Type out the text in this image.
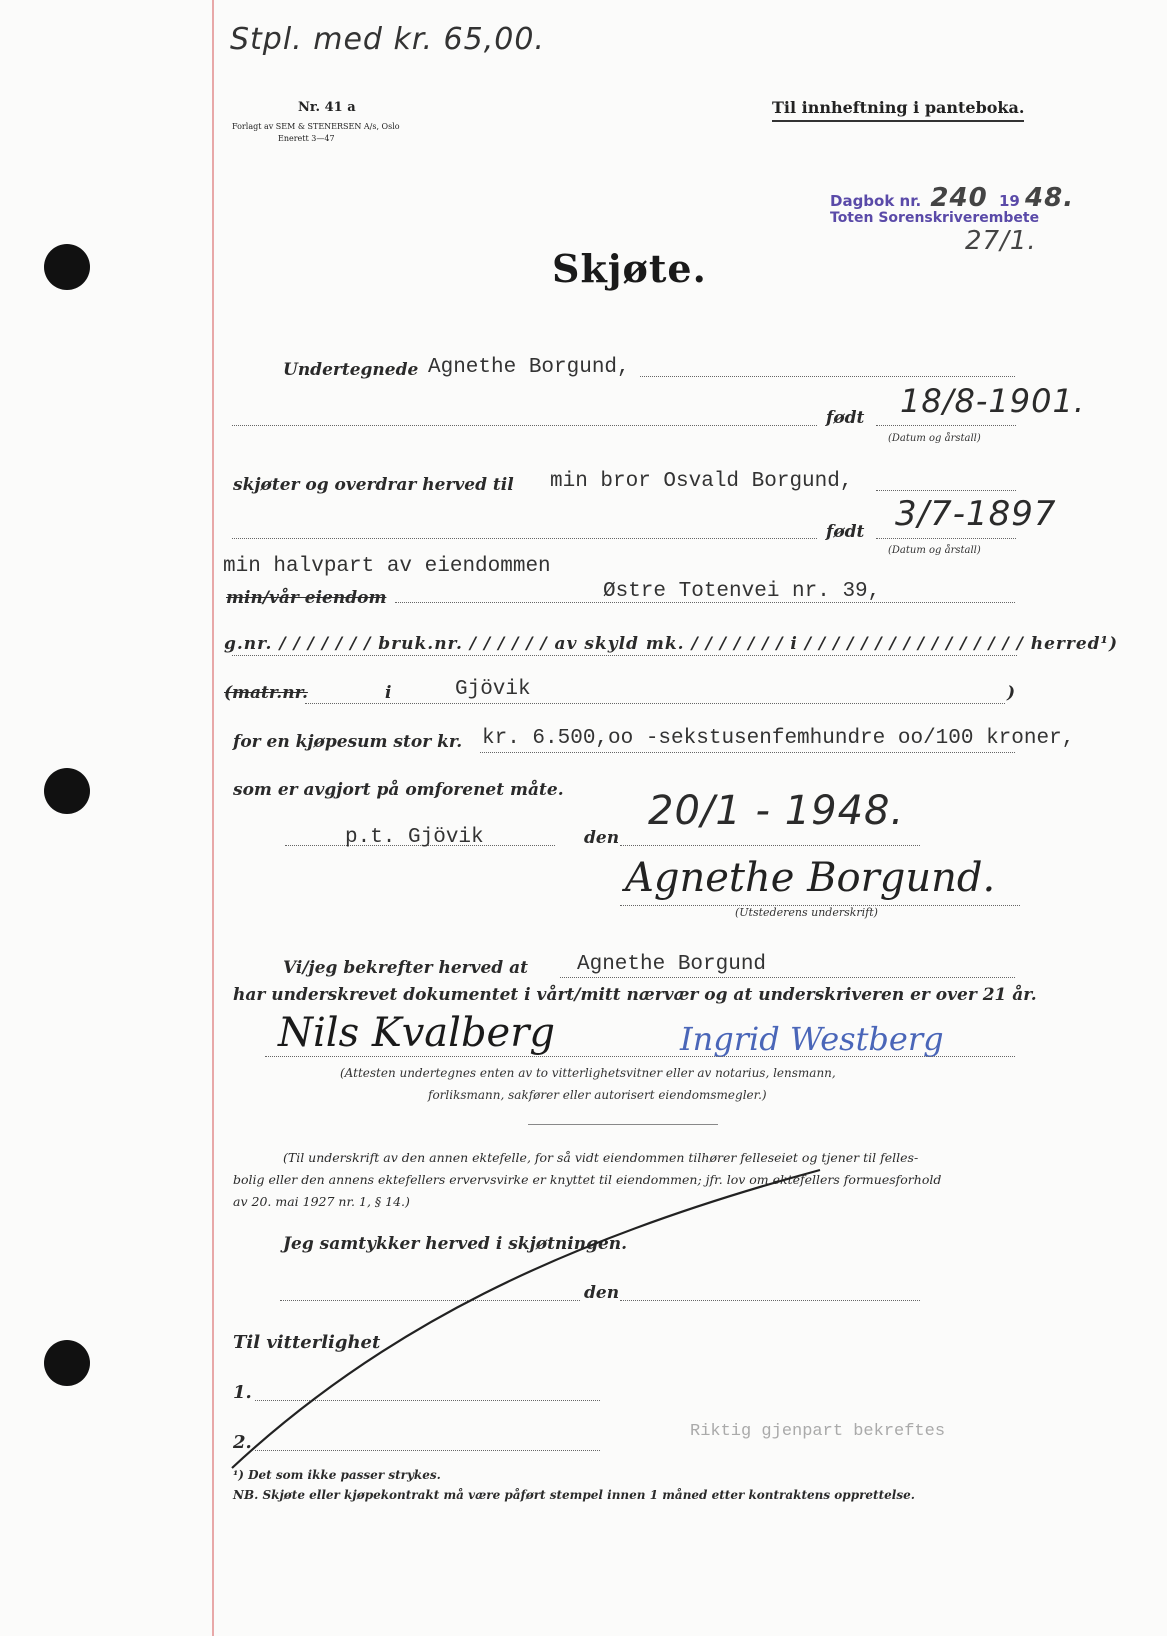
Stpl. med kr. 65,00.
Nr. 41 a
Forlagt av SEM & STENERSEN A/s, Oslo
Enerett 3—47
Til innheftning i panteboka.
Dagbok nr. 240 19 48.
Toten Sorenskriverembete
27/1.
Skjøte.
Undertegnede Agnethe Borgund,
født 18/8-1901.
(Datum og årstall)
skjøter og overdrar herved til min bror Osvald Borgund,
født 3/7-1897
(Datum og årstall)
min halvpart av eiendommen
min/vår eiendom	Østre Totenvei nr. 39,
g.nr. / / / / / / / bruk.nr. / / / / / / av skyld mk. / / / / / / / i / / / / / / / / / / / / / / / / herred¹)
(matr.nr.	i	Gjövik	)
for en kjøpesum stor kr. kr. 6.500,oo -sekstusenfemhundre oo/100 kroner,
som er avgjort på omforenet måte.
p.t. Gjövik	den
20/1 - 1948.
Agnethe Borgund.
(Utstederens underskrift)
Vi/jeg bekrefter herved at Agnethe Borgund
har underskrevet dokumentet i vårt/mitt nærvær og at underskriveren er over 21 år.
Nils Kvalberg	Ingrid Westberg
(Attesten undertegnes enten av to vitterlighetsvitner eller av notarius, lensmann,
forliksmann, sakfører eller autorisert eiendomsmegler.)
(Til underskrift av den annen ektefelle, for så vidt eiendommen tilhører felleseiet og tjener til felles-
bolig eller den annens ektefellers ervervsvirke er knyttet til eiendommen; jfr. lov om ektefellers formuesforhold
av 20. mai 1927 nr. 1, § 14.)
Jeg samtykker herved i skjøtningen.
den
Til vitterlighet
1.
2.
Riktig gjenpart bekreftes
¹) Det som ikke passer strykes.
NB. Skjøte eller kjøpekontrakt må være påført stempel innen 1 måned etter kontraktens opprettelse.
